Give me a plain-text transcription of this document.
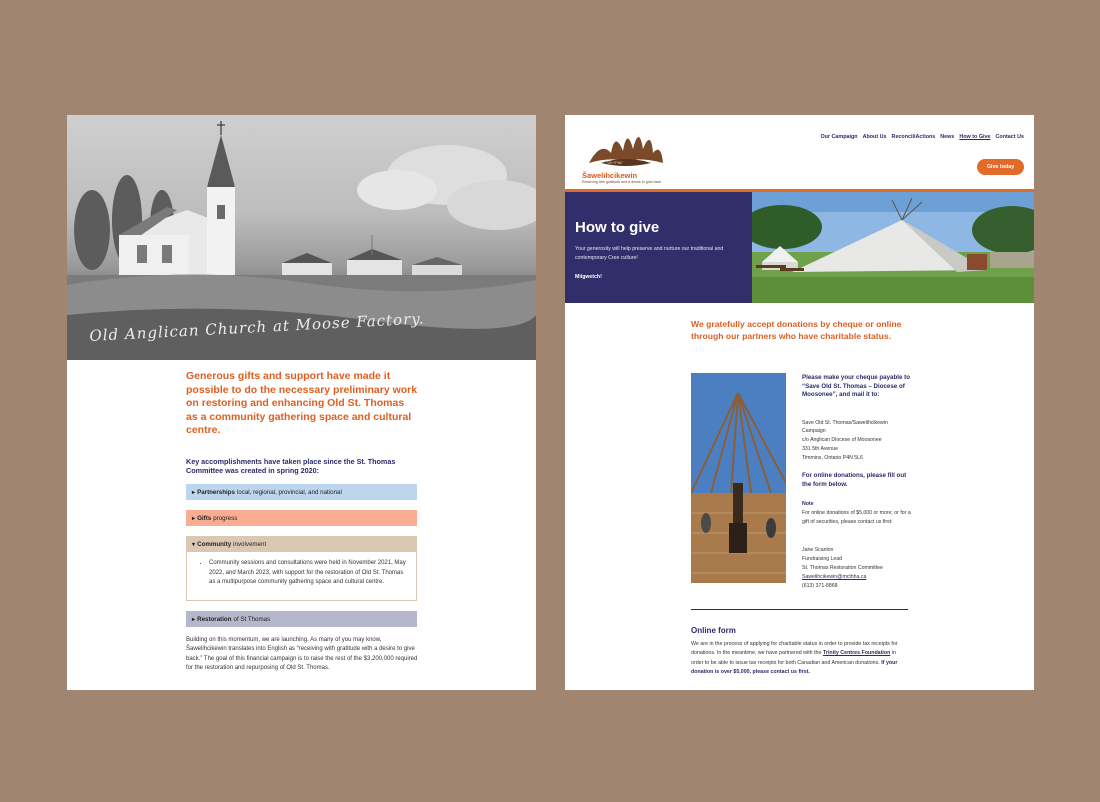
Old Anglican Church at Moose Factory.

Generous gifts and support have made it possible to do the necessary preliminary work on restoring and enhancing Old St. Thomas as a community gathering space and cultural centre.

Key accomplishments have taken place since the St. Thomas Committee was created in spring 2020:

▸ Partnerships local, regional, provincial, and national
▸ Gifts progress
▾ Community involvement
• Community sessions and consultations were held in November 2021, May 2022, and March 2023, with support for the restoration of Old St. Thomas as a multipurpose community gathering space and cultural centre.
▸ Restoration of St Thomas

Building on this momentum, we are launching. As many of you may know, Šawelihcikewin translates into English as “receiving with gratitude with a desire to give back.” The goal of this financial campaign is to raise the rest of the $3,200,000 required for the restoration and repurposing of Old St. Thomas.

ᓴᐍᓕᐦᒋᑫᐎᐣ
Šawelihcikewin
Receiving with gratitude and a desire to give back
Our Campaign About Us ReconciliActions News How to Give Contact Us
Give today
How to give

Your generosity will help preserve and nurture our traditional and contemporary Cree culture!

Miigwetch!

We gratefully accept donations by cheque or online through our partners who have charitable status.

Please make your cheque payable to “Save Old St. Thomas – Diocese of Moosonee”, and mail it to:

Save Old St. Thomas/Sawelihcikewin

Campaign

c/o Anglican Diocese of Moosonee

331 5th Avenue

Timmins, Ontario P4N 5L6

For online donations, please fill out the form below.

Note

For online donations of $5,000 or more; or for a gift of securities, please contact us first:

Jane Scanlon

Fundraising Lead

St. Thomas Restoration Committee

Sawelihcikewin@mcthha.ca

(613) 371-8868

Online form

We are in the process of applying for charitable status in order to provide tax receipts for donations. In the meantime, we have partnered with the Trinity Centres Foundation in order to be able to issue tax receipts for both Canadian and American donations. If your donation is over $5,000, please contact us first.
